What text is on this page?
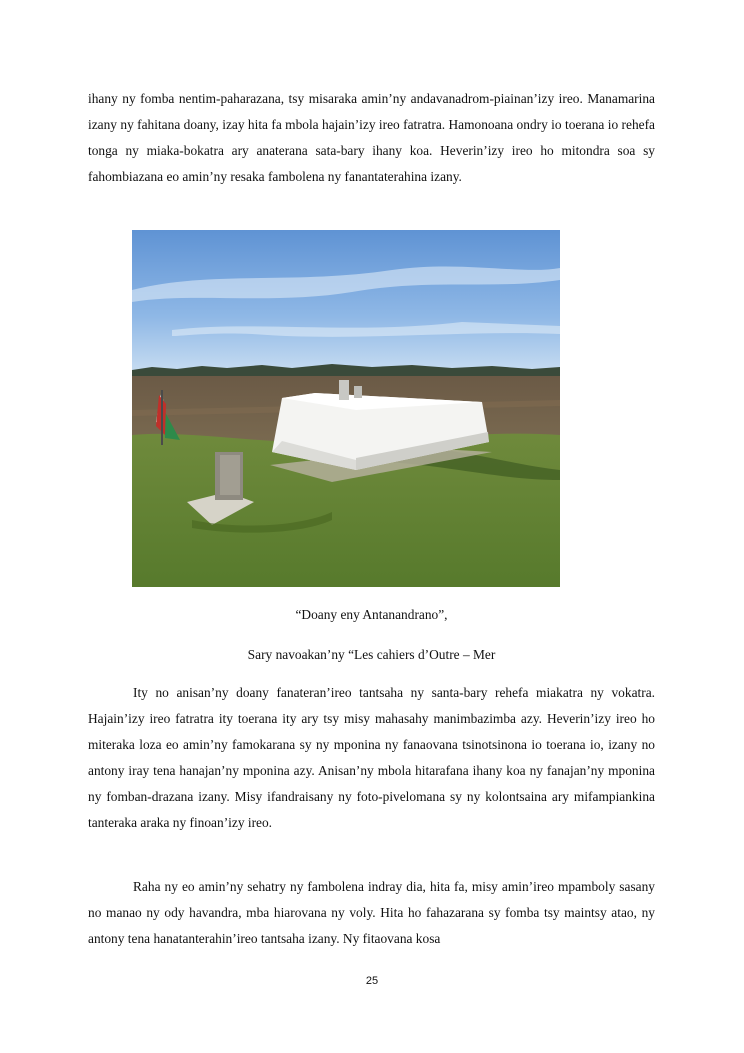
ihany ny fomba nentim-paharazana, tsy misaraka amin’ny andavanadrom-piainan’izy ireo. Manamarina izany ny fahitana doany, izay hita fa mbola hajain’izy ireo fatratra. Hamonoana ondry io toerana io rehefa tonga ny miaka-bokatra ary anaterana sata-bary ihany koa. Heverin’izy ireo ho mitondra soa sy fahombiazana eo amin’ny resaka fambolena ny fanantaterahina izany.

“Doany eny Antanandrano”,

Sary navoakan’ny “Les cahiers d’Outre – Mer

Ity no anisan’ny doany fanateran’ireo tantsaha ny santa-bary rehefa miakatra ny vokatra. Hajain’izy ireo fatratra ity toerana ity ary tsy misy mahasahy manimbazimba azy. Heverin’izy ireo ho miteraka loza eo amin’ny famokarana sy ny mponina ny fanaovana tsinotsinona io toerana io, izany no antony iray tena hanajan’ny mponina azy. Anisan’ny mbola hitarafana ihany koa ny fanajan’ny mponina ny fomban-drazana izany. Misy ifandraisany ny foto-pivelomana sy ny kolontsaina ary mifampiankina tanteraka araka ny finoan’izy ireo.

Raha ny eo amin’ny sehatry ny fambolena indray dia, hita fa, misy amin’ireo mpamboly sasany no manao ny ody havandra, mba hiarovana ny voly. Hita ho fahazarana sy fomba tsy maintsy atao, ny antony tena hanatanterahin’ireo tantsaha izany. Ny fitaovana kosa

25
